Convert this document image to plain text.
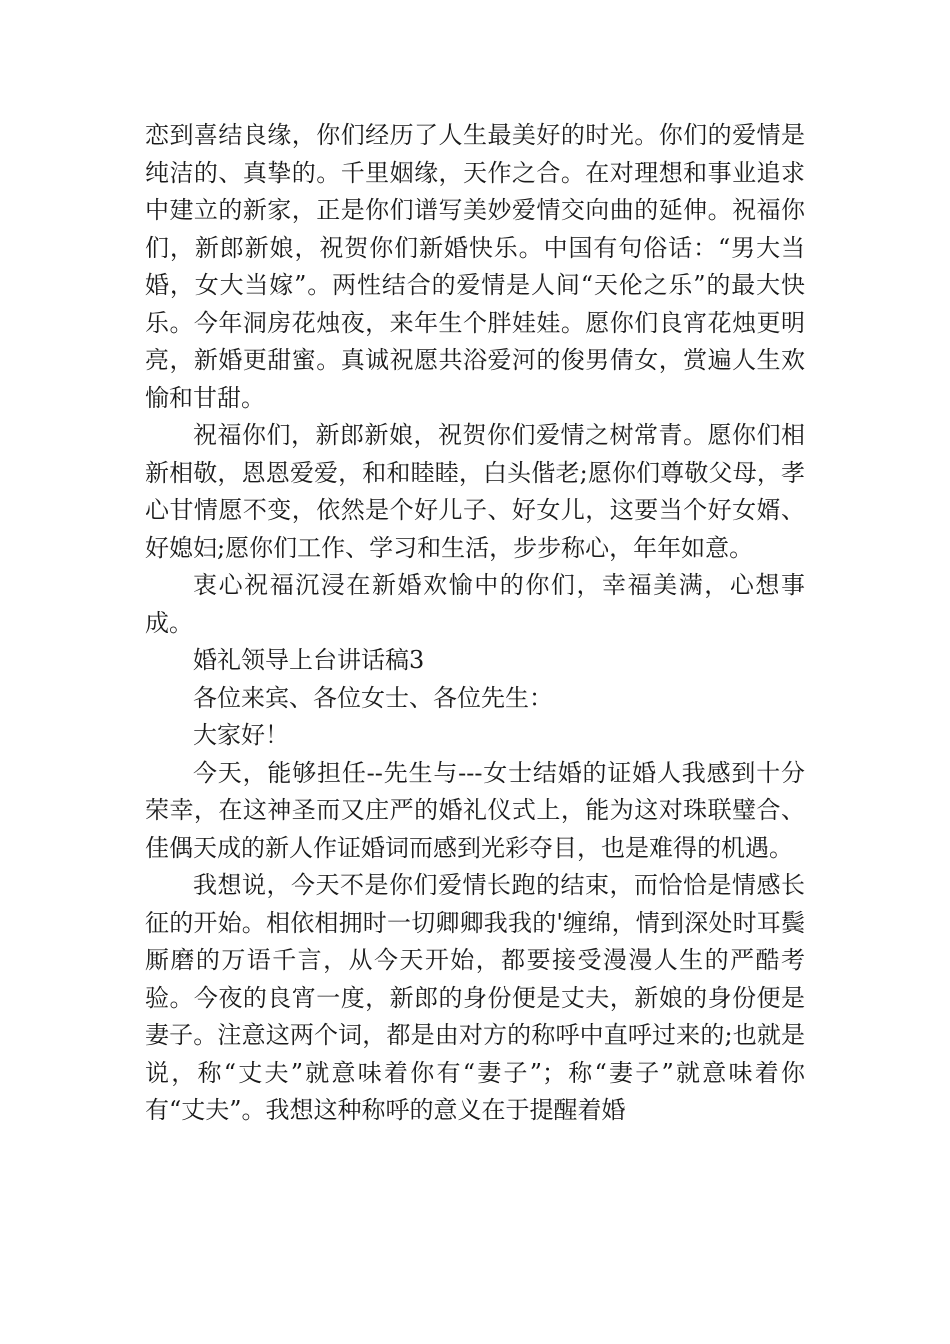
恋到喜结良缘，你们经历了人生最美好的时光。你们的爱情是纯洁的、真挚的。千里姻缘，天作之合。在对理想和事业追求中建立的新家，正是你们谱写美妙爱情交向曲的延伸。祝福你们，新郎新娘，祝贺你们新婚快乐。中国有句俗话：“男大当婚，女大当嫁”。两性结合的爱情是人间“天伦之乐”的最大快乐。今年洞房花烛夜，来年生个胖娃娃。愿你们良宵花烛更明亮，新婚更甜蜜。真诚祝愿共浴爱河的俊男倩女，赏遍人生欢愉和甘甜。

祝福你们，新郎新娘，祝贺你们爱情之树常青。愿你们相新相敬，恩恩爱爱，和和睦睦，白头偕老;愿你们尊敬父母，孝心甘情愿不变，依然是个好儿子、好女儿，这要当个好女婿、好媳妇;愿你们工作、学习和生活，步步称心，年年如意。

衷心祝福沉浸在新婚欢愉中的你们，幸福美满，心想事成。

婚礼领导上台讲话稿3

各位来宾、各位女士、各位先生：

大家好！

今天，能够担任--先生与---女士结婚的证婚人我感到十分荣幸，在这神圣而又庄严的婚礼仪式上，能为这对珠联璧合、佳偶天成的新人作证婚词而感到光彩夺目，也是难得的机遇。

我想说，今天不是你们爱情长跑的结束，而恰恰是情感长征的开始。相依相拥时一切卿卿我我的'缠绵，情到深处时耳鬓厮磨的万语千言，从今天开始，都要接受漫漫人生的严酷考验。今夜的良宵一度，新郎的身份便是丈夫，新娘的身份便是妻子。注意这两个词，都是由对方的称呼中直呼过来的;也就是说，称“丈夫”就意味着你有“妻子”；称“妻子”就意味着你有“丈夫”。我想这种称呼的意义在于提醒着婚
